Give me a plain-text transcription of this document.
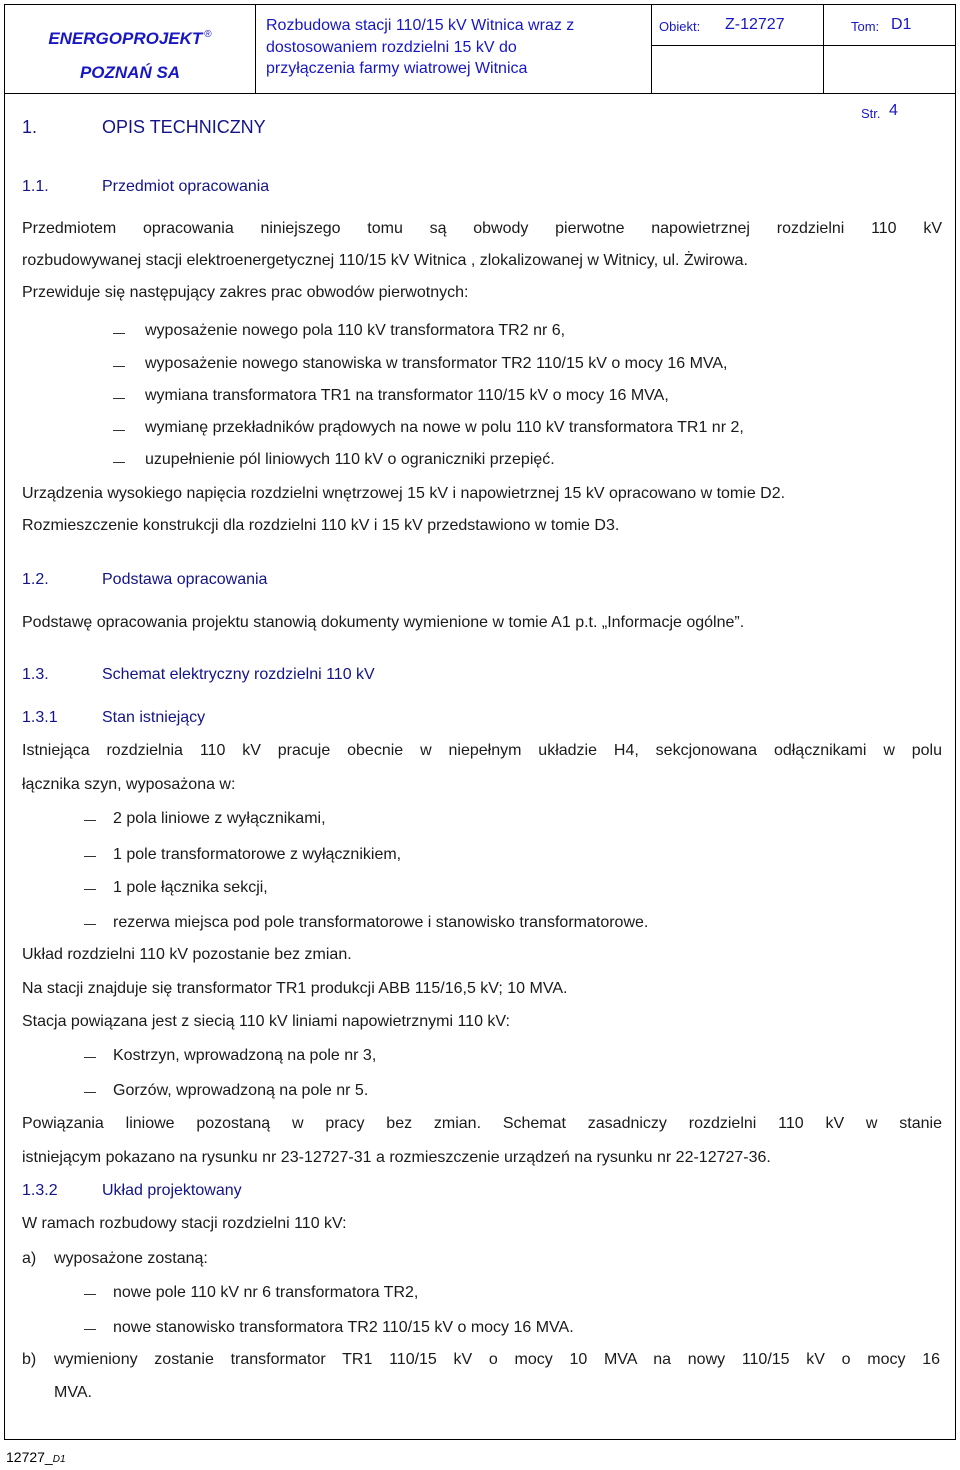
ENERGOPROJEKT ®
POZNAŃ SA
Rozbudowa stacji 110/15 kV Witnica wraz z
dostosowaniem rozdzielni 15 kV do
przyłączenia farmy wiatrowej Witnica
Obiekt: Z-12727	Tom: D1
Str. 4
1.	OPIS TECHNICZNY
1.1.	Przedmiot opracowania
Przedmiotem opracowania niniejszego tomu są obwody pierwotne napowietrznej rozdzielni 110 kV
rozbudowywanej stacji elektroenergetycznej 110/15 kV Witnica , zlokalizowanej w Witnicy, ul. Żwirowa.
Przewiduje się następujący zakres prac obwodów pierwotnych:
wyposażenie nowego pola 110 kV transformatora TR2 nr 6,
wyposażenie nowego stanowiska w transformator TR2 110/15 kV o mocy 16 MVA,
wymiana transformatora TR1 na transformator 110/15 kV o mocy 16 MVA,
wymianę przekładników prądowych na nowe w polu 110 kV transformatora TR1 nr 2,
uzupełnienie pól liniowych 110 kV o ograniczniki przepięć.
Urządzenia wysokiego napięcia rozdzielni wnętrzowej 15 kV i napowietrznej 15 kV opracowano w tomie D2.
Rozmieszczenie konstrukcji dla rozdzielni 110 kV i 15 kV przedstawiono w tomie D3.
1.2.	Podstawa opracowania
Podstawę opracowania projektu stanowią dokumenty wymienione w tomie A1 p.t. „Informacje ogólne”.
1.3.	Schemat elektryczny rozdzielni 110 kV
1.3.1	Stan istniejący
Istniejąca rozdzielnia 110 kV pracuje obecnie w niepełnym układzie H4, sekcjonowana odłącznikami w polu
łącznika szyn, wyposażona w:
2 pola liniowe z wyłącznikami,
1 pole transformatorowe z wyłącznikiem,
1 pole łącznika sekcji,
rezerwa miejsca pod pole transformatorowe i stanowisko transformatorowe.
Układ rozdzielni 110 kV pozostanie bez zmian.
Na stacji znajduje się transformator TR1 produkcji ABB 115/16,5 kV; 10 MVA.
Stacja powiązana jest z siecią 110 kV liniami napowietrznymi 110 kV:
Kostrzyn, wprowadzoną na pole nr 3,
Gorzów, wprowadzoną na pole nr 5.
Powiązania liniowe pozostaną w pracy bez zmian. Schemat zasadniczy rozdzielni 110 kV w stanie
istniejącym pokazano na rysunku nr 23-12727-31 a rozmieszczenie urządzeń na rysunku nr 22-12727-36.
1.3.2	Układ projektowany
W ramach rozbudowy stacji rozdzielni 110 kV:
a) wyposażone zostaną:
nowe pole 110 kV nr 6 transformatora TR2,
nowe stanowisko transformatora TR2 110/15 kV o mocy 16 MVA.
b) wymieniony zostanie transformator TR1 110/15 kV o mocy 10 MVA na nowy 110/15 kV o mocy 16
MVA.
12727_D1
